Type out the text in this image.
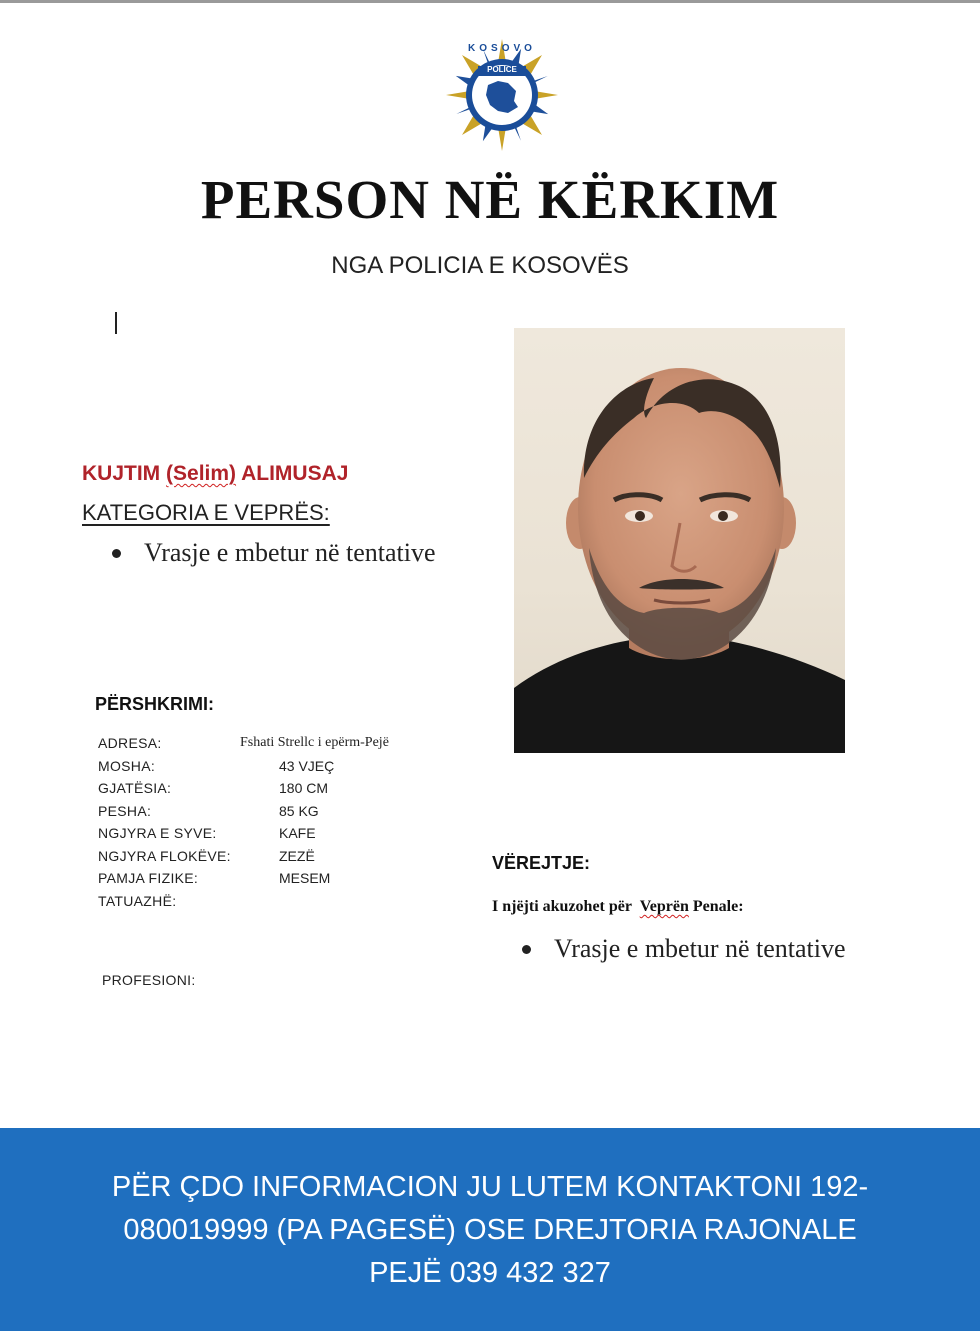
POLICE
KOSOVO
PERSON NË KËRKIM
NGA POLICIA E KOSOVËS
KUJTIM (Selim) ALIMUSAJ
KATEGORIA E VEPRËS:
Vrasje e mbetur në tentative
PËRSHKRIMI:
ADRESA:	Fshati Strellc i epërm-Pejë
MOSHA:	43 VJEÇ
GJATËSIA:	180 CM
PESHA:	85 KG
NGJYRA E SYVE:	KAFE
NGJYRA FLOKËVE:	ZEZË
PAMJA FIZIKE:	MESEM
TATUAZHË:
PROFESIONI:
VËREJTJE:
I njëjti akuzohet për Veprën Penale:
Vrasje e mbetur në tentative
PËR ÇDO INFORMACION JU LUTEM KONTAKTONI 192-
080019999 (PA PAGESË) OSE DREJTORIA RAJONALE
PEJË 039 432 327
